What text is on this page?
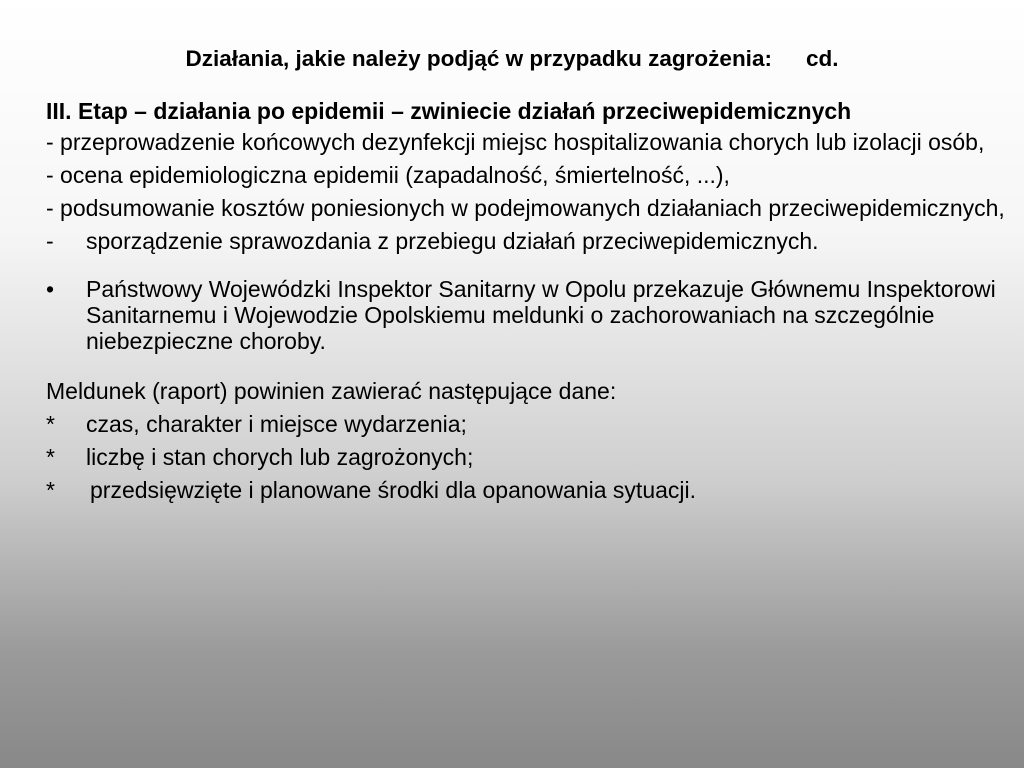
Działania, jakie należy podjąć w przypadku zagrożenia: cd.
III. Etap – działania po epidemii – zwiniecie działań przeciwepidemicznych
- przeprowadzenie końcowych dezynfekcji miejsc hospitalizowania chorych lub izolacji osób,
- ocena epidemiologiczna epidemii (zapadalność, śmiertelność, ...),
- podsumowanie kosztów poniesionych w podejmowanych działaniach przeciwepidemicznych,
-	sporządzenie sprawozdania z przebiegu działań przeciwepidemicznych.
•	Państwowy Wojewódzki Inspektor Sanitarny w Opolu przekazuje Głównemu Inspektorowi Sanitarnemu i Wojewodzie Opolskiemu meldunki o zachorowaniach na szczególnie niebezpieczne choroby.
Meldunek (raport) powinien zawierać następujące dane:
*	czas, charakter i miejsce wydarzenia;
*	liczbę i stan chorych lub zagrożonych;
*	przedsięwzięte i planowane środki dla opanowania sytuacji.
